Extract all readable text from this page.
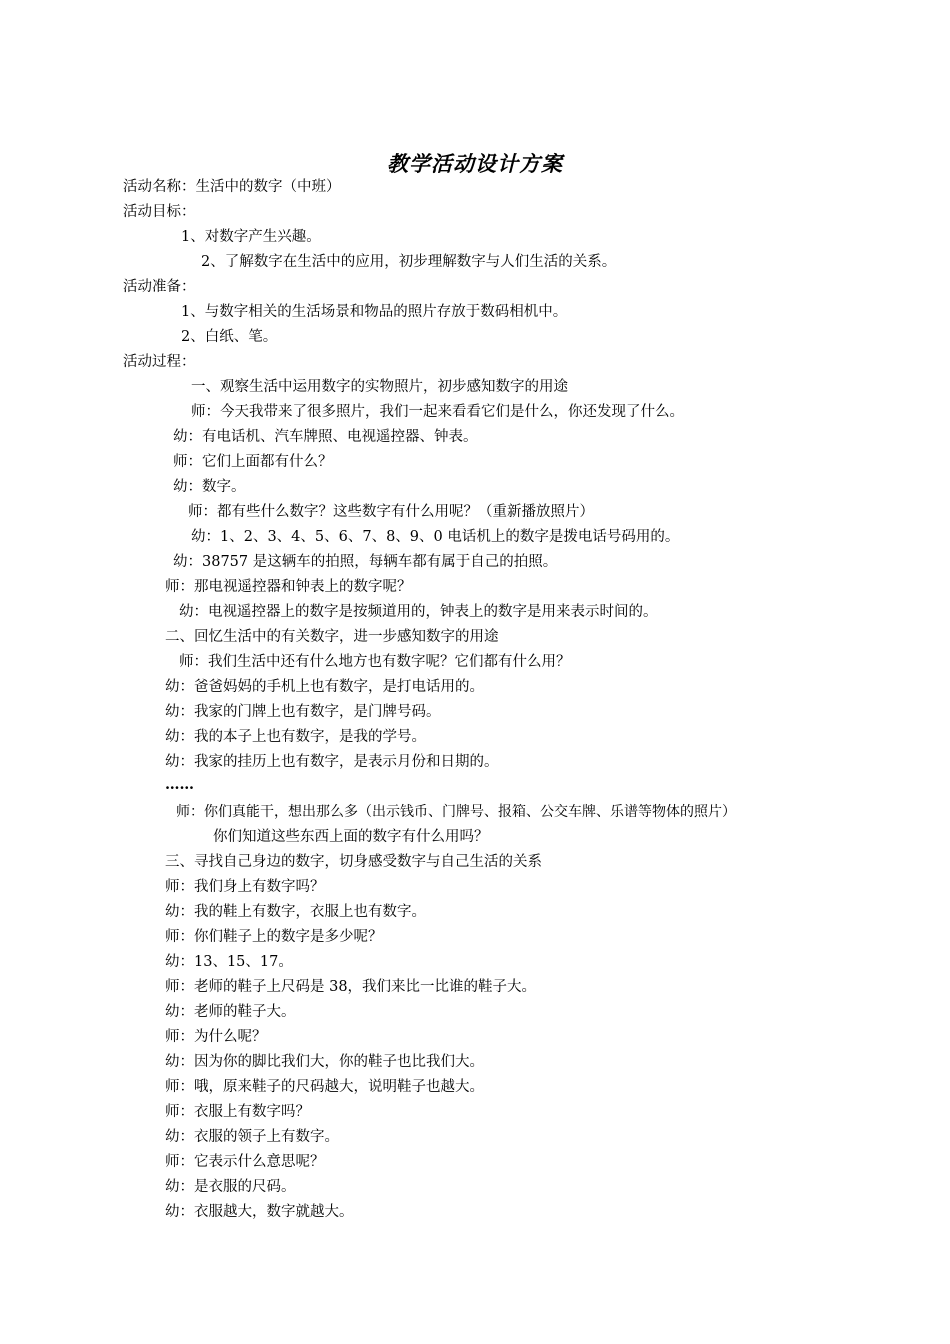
教学活动设计方案
活动名称：生活中的数字（中班）
活动目标：
1、对数字产生兴趣。
2、了解数字在生活中的应用，初步理解数字与人们生活的关系。
活动准备：
1、与数字相关的生活场景和物品的照片存放于数码相机中。
2、白纸、笔。
活动过程：
一、观察生活中运用数字的实物照片，初步感知数字的用途
师：今天我带来了很多照片，我们一起来看看它们是什么，你还发现了什么。
幼：有电话机、汽车牌照、电视遥控器、钟表。
师：它们上面都有什么？
幼：数字。
师：都有些什么数字？这些数字有什么用呢？（重新播放照片）
幼：1、2、3、4、5、6、7、8、9、0 电话机上的数字是拨电话号码用的。
幼：38757 是这辆车的拍照，每辆车都有属于自己的拍照。
师：那电视遥控器和钟表上的数字呢？
幼：电视遥控器上的数字是按频道用的，钟表上的数字是用来表示时间的。
二、回忆生活中的有关数字，进一步感知数字的用途
师：我们生活中还有什么地方也有数字呢？它们都有什么用？
幼：爸爸妈妈的手机上也有数字，是打电话用的。
幼：我家的门牌上也有数字，是门牌号码。
幼：我的本子上也有数字，是我的学号。
幼：我家的挂历上也有数字，是表示月份和日期的。
……
师：你们真能干，想出那么多（出示钱币、门牌号、报箱、公交车牌、乐谱等物体的照片）
你们知道这些东西上面的数字有什么用吗？
三、寻找自己身边的数字，切身感受数字与自己生活的关系
师：我们身上有数字吗？
幼：我的鞋上有数字，衣服上也有数字。
师：你们鞋子上的数字是多少呢？
幼：13、15、17。
师：老师的鞋子上尺码是 38，我们来比一比谁的鞋子大。
幼：老师的鞋子大。
师：为什么呢？
幼：因为你的脚比我们大，你的鞋子也比我们大。
师：哦，原来鞋子的尺码越大，说明鞋子也越大。
师：衣服上有数字吗？
幼：衣服的领子上有数字。
师：它表示什么意思呢？
幼：是衣服的尺码。
幼：衣服越大，数字就越大。
